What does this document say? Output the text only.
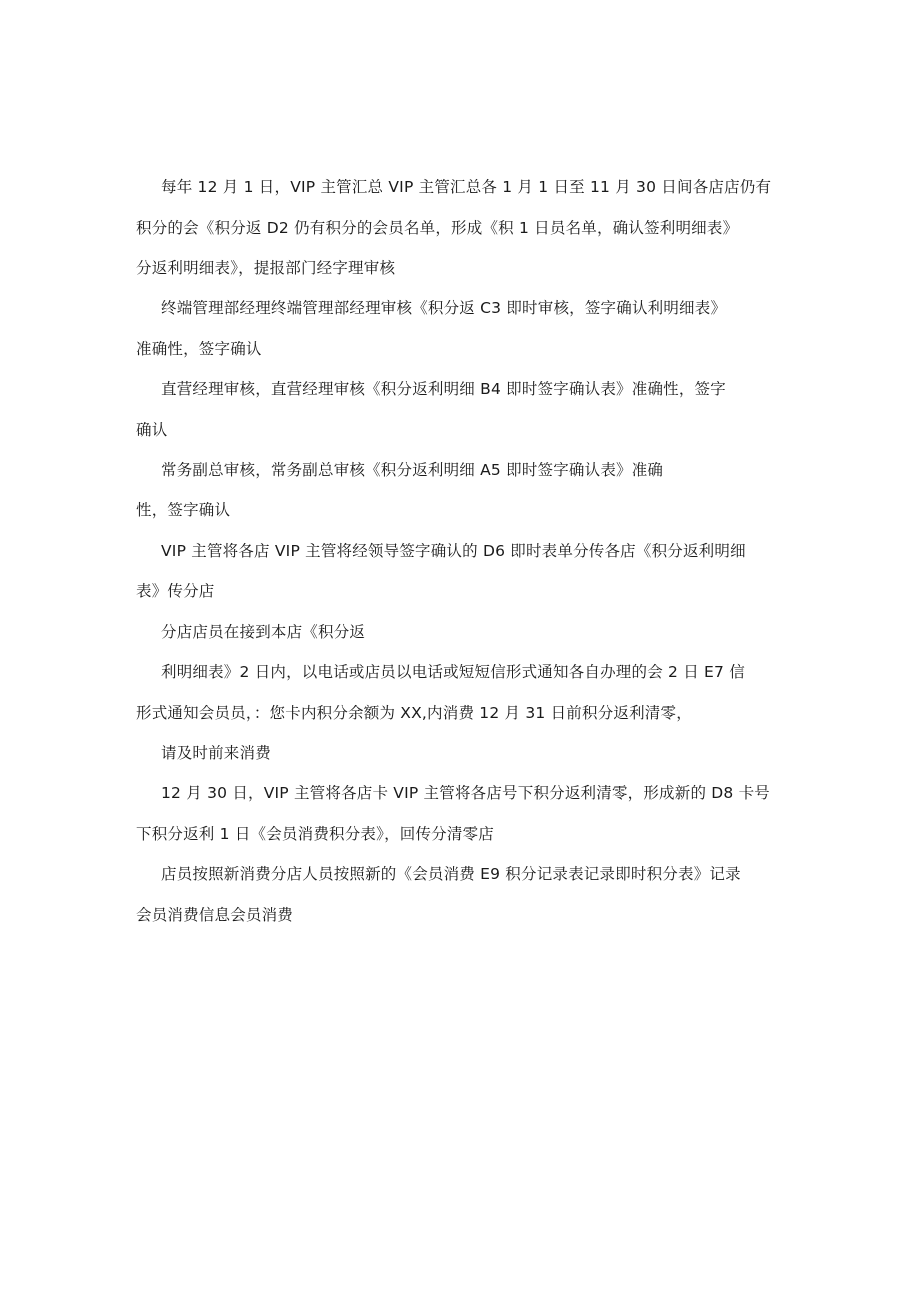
每年 12 月 1 日，VIP 主管汇总 VIP 主管汇总各 1 月 1 日至 11 月 30 日间各店店仍有
积分的会《积分返 D2 仍有积分的会员名单，形成《积 1 日员名单，确认签利明细表》
分返利明细表》，提报部门经字理审核
终端管理部经理终端管理部经理审核《积分返 C3 即时审核，签字确认利明细表》
准确性，签字确认
直营经理审核，直营经理审核《积分返利明细 B4 即时签字确认表》准确性，签字
确认
常务副总审核，常务副总审核《积分返利明细 A5 即时签字确认表》准确
性，签字确认
VIP 主管将各店 VIP 主管将经领导签字确认的 D6 即时表单分传各店《积分返利明细
表》传分店
分店店员在接到本店《积分返
利明细表》2 日内，以电话或店员以电话或短短信形式通知各自办理的会 2 日 E7 信
形式通知会员员，：您卡内积分余额为 XX,内消费 12 月 31 日前积分返利清零，
请及时前来消费
12 月 30 日，VIP 主管将各店卡 VIP 主管将各店号下积分返利清零，形成新的 D8 卡号
下积分返利 1 日《会员消费积分表》，回传分清零店
店员按照新消费分店人员按照新的《会员消费 E9 积分记录表记录即时积分表》记录
会员消费信息会员消费
